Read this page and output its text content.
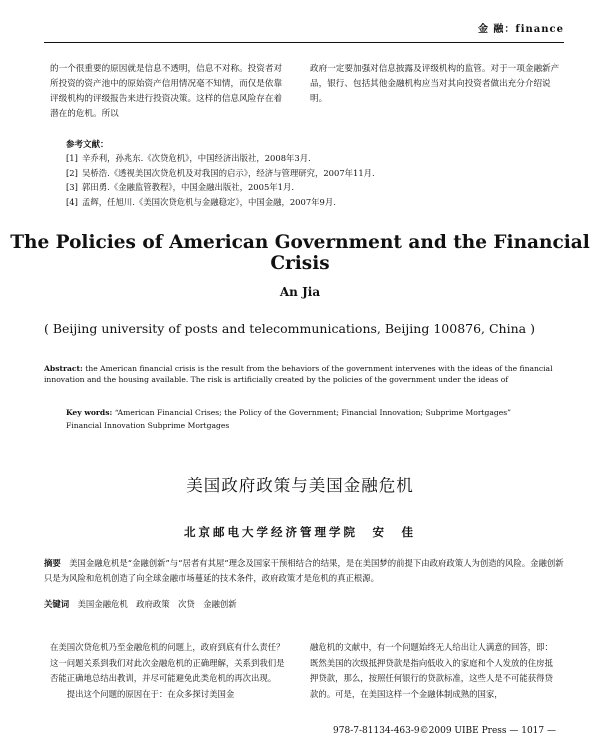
金 融：finance
的一个很重要的原因就是信息不透明，信息不对称。投资者对所投资的资产池中的原始资产信用情况毫不知情，而仅是依靠评级机构的评级报告来进行投资决策。这样的信息风险存在着潜在的危机。所以
政府一定要加强对信息披露及评级机构的监管。对于一项金融新产品，银行、包括其他金融机构应当对其向投资者做出充分介绍说明。
参考文献：
[1] 辛乔利，孙兆东.《次贷危机》，中国经济出版社，2008年3月.
[2] 吴桥浩.《透视美国次贷危机及对我国的启示》，经济与管理研究，2007年11月.
[3] 郭田勇.《金融监管教程》，中国金融出版社，2005年1月.
[4] 孟辉，任旭川.《美国次贷危机与金融稳定》，中国金融，2007年9月.
The Policies of American Government and the Financial Crisis
An Jia
( Beijing university of posts and telecommunications, Beijing 100876, China )
Abstract: the American financial crisis is the result from the behaviors of the government intervenes with the ideas of the financial innovation and the housing available. The risk is artificially created by the policies of the government under the ideas of
Key words: “American Financial Crises; the Policy of the Government; Financial Innovation; Subprime Mortgages”
Financial Innovation Subprime Mortgages
美国政府政策与美国金融危机
北京邮电大学经济管理学院　安　佳
摘要　 美国金融危机是“金融创新”与“居者有其屋”理念及国家干预相结合的结果，是在美国梦的前提下由政府政策人为创造的风险。金融创新只是为风险和危机创造了向全球金融市场蔓延的技术条件，政府政策才是危机的真正根源。
关键词　 美国金融危机　政府政策　次贷　金融创新
在美国次贷危机乃至金融危机的问题上，政府到底有什么责任？这一问题关系到我们对此次金融危机的正确理解，关系到我们是否能正确地总结出教训，并尽可能避免此类危机的再次出现。
　　提出这个问题的原因在于：在众多探讨美国金
融危机的文献中，有一个问题始终无人给出让人满意的回答，即：既然美国的次级抵押贷款是指向低收入的家庭和个人发放的住房抵押贷款，那么，按照任何银行的贷款标准，这些人是不可能获得贷款的。可是，在美国这样一个金融体制成熟的国家，
978-7-81134-463-9©2009 UIBE Press — 1017 —
